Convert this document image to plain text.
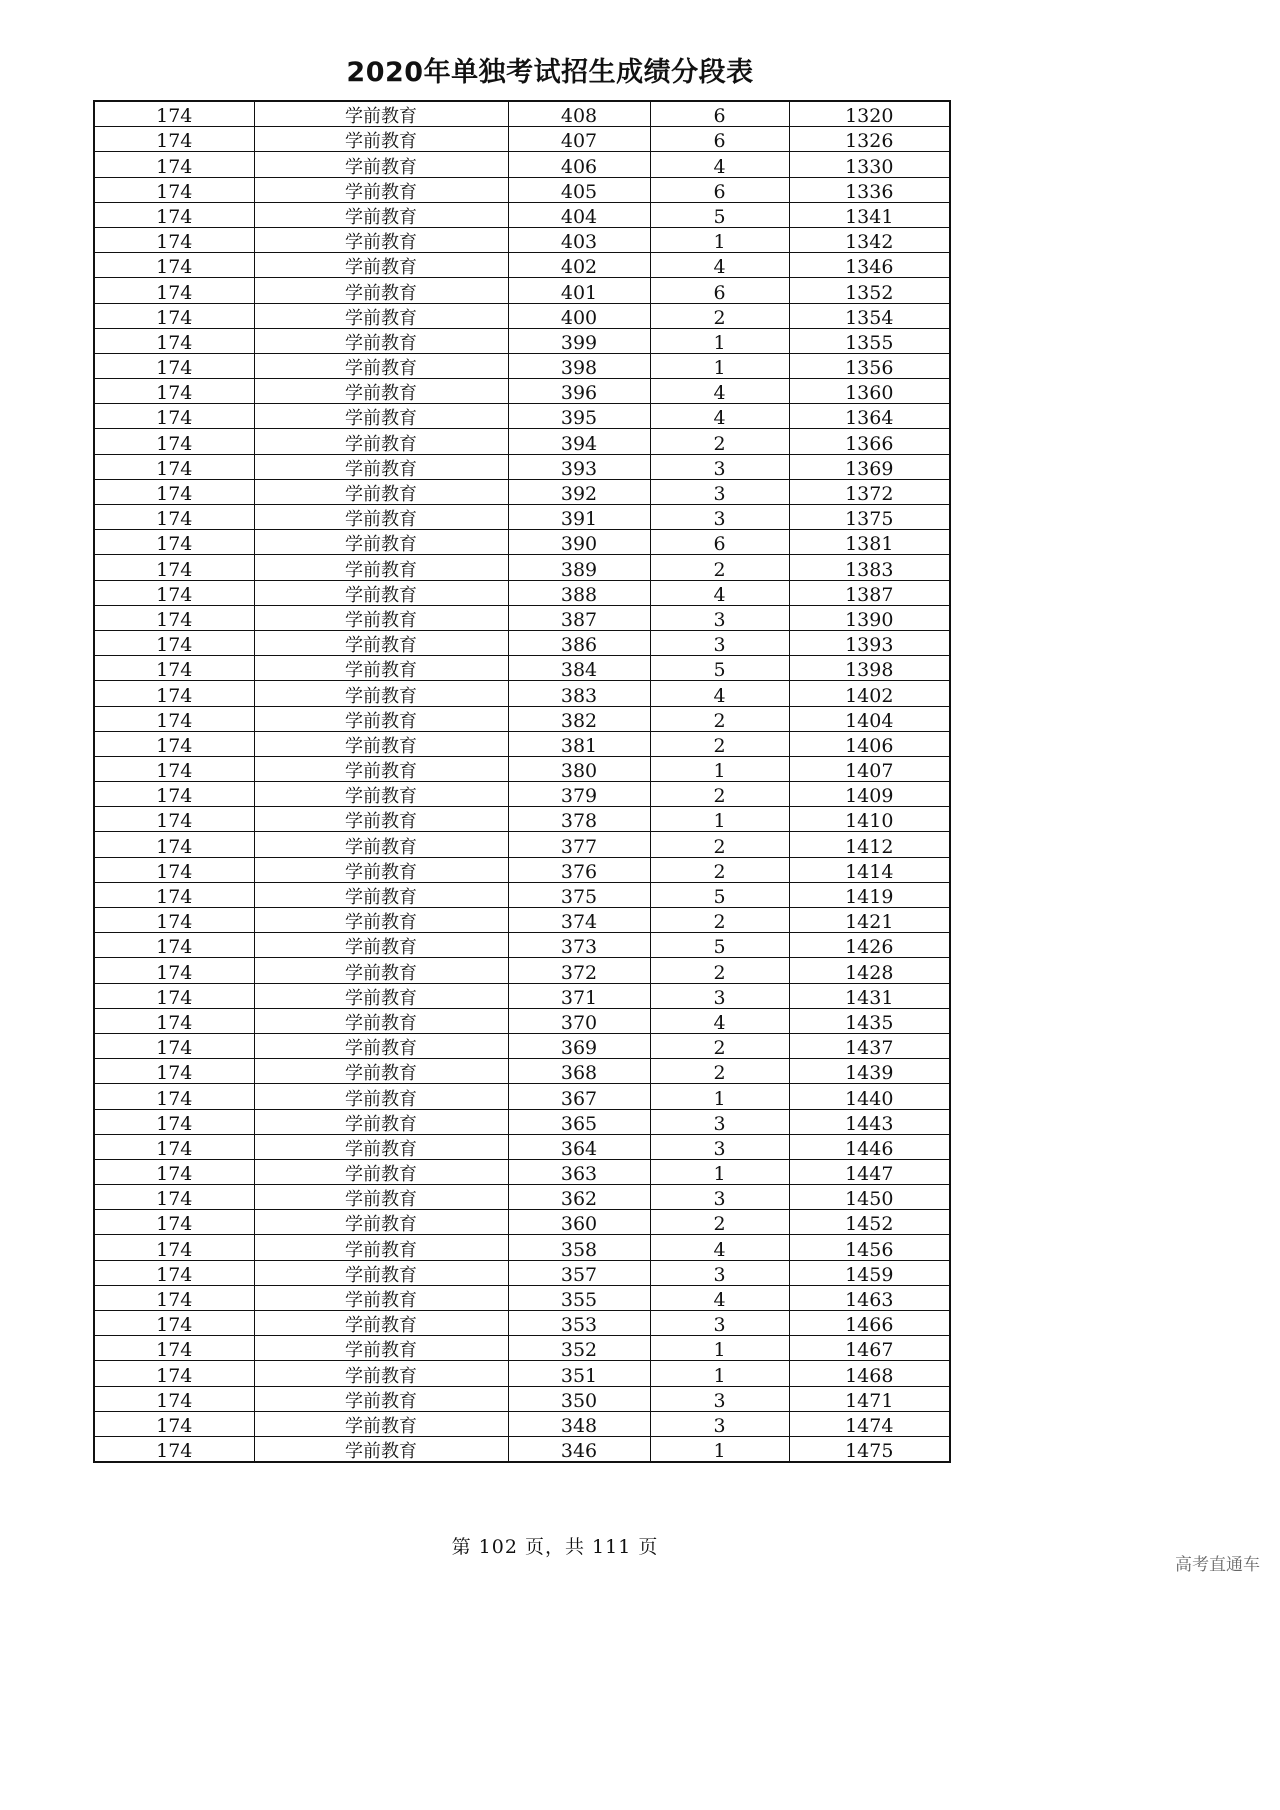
2020年单独考试招生成绩分段表
174	学前教育	408	6	1320
174	学前教育	407	6	1326
174	学前教育	406	4	1330
174	学前教育	405	6	1336
174	学前教育	404	5	1341
174	学前教育	403	1	1342
174	学前教育	402	4	1346
174	学前教育	401	6	1352
174	学前教育	400	2	1354
174	学前教育	399	1	1355
174	学前教育	398	1	1356
174	学前教育	396	4	1360
174	学前教育	395	4	1364
174	学前教育	394	2	1366
174	学前教育	393	3	1369
174	学前教育	392	3	1372
174	学前教育	391	3	1375
174	学前教育	390	6	1381
174	学前教育	389	2	1383
174	学前教育	388	4	1387
174	学前教育	387	3	1390
174	学前教育	386	3	1393
174	学前教育	384	5	1398
174	学前教育	383	4	1402
174	学前教育	382	2	1404
174	学前教育	381	2	1406
174	学前教育	380	1	1407
174	学前教育	379	2	1409
174	学前教育	378	1	1410
174	学前教育	377	2	1412
174	学前教育	376	2	1414
174	学前教育	375	5	1419
174	学前教育	374	2	1421
174	学前教育	373	5	1426
174	学前教育	372	2	1428
174	学前教育	371	3	1431
174	学前教育	370	4	1435
174	学前教育	369	2	1437
174	学前教育	368	2	1439
174	学前教育	367	1	1440
174	学前教育	365	3	1443
174	学前教育	364	3	1446
174	学前教育	363	1	1447
174	学前教育	362	3	1450
174	学前教育	360	2	1452
174	学前教育	358	4	1456
174	学前教育	357	3	1459
174	学前教育	355	4	1463
174	学前教育	353	3	1466
174	学前教育	352	1	1467
174	学前教育	351	1	1468
174	学前教育	350	3	1471
174	学前教育	348	3	1474
174	学前教育	346	1	1475
第 102 页，共 111 页
高考直通车
